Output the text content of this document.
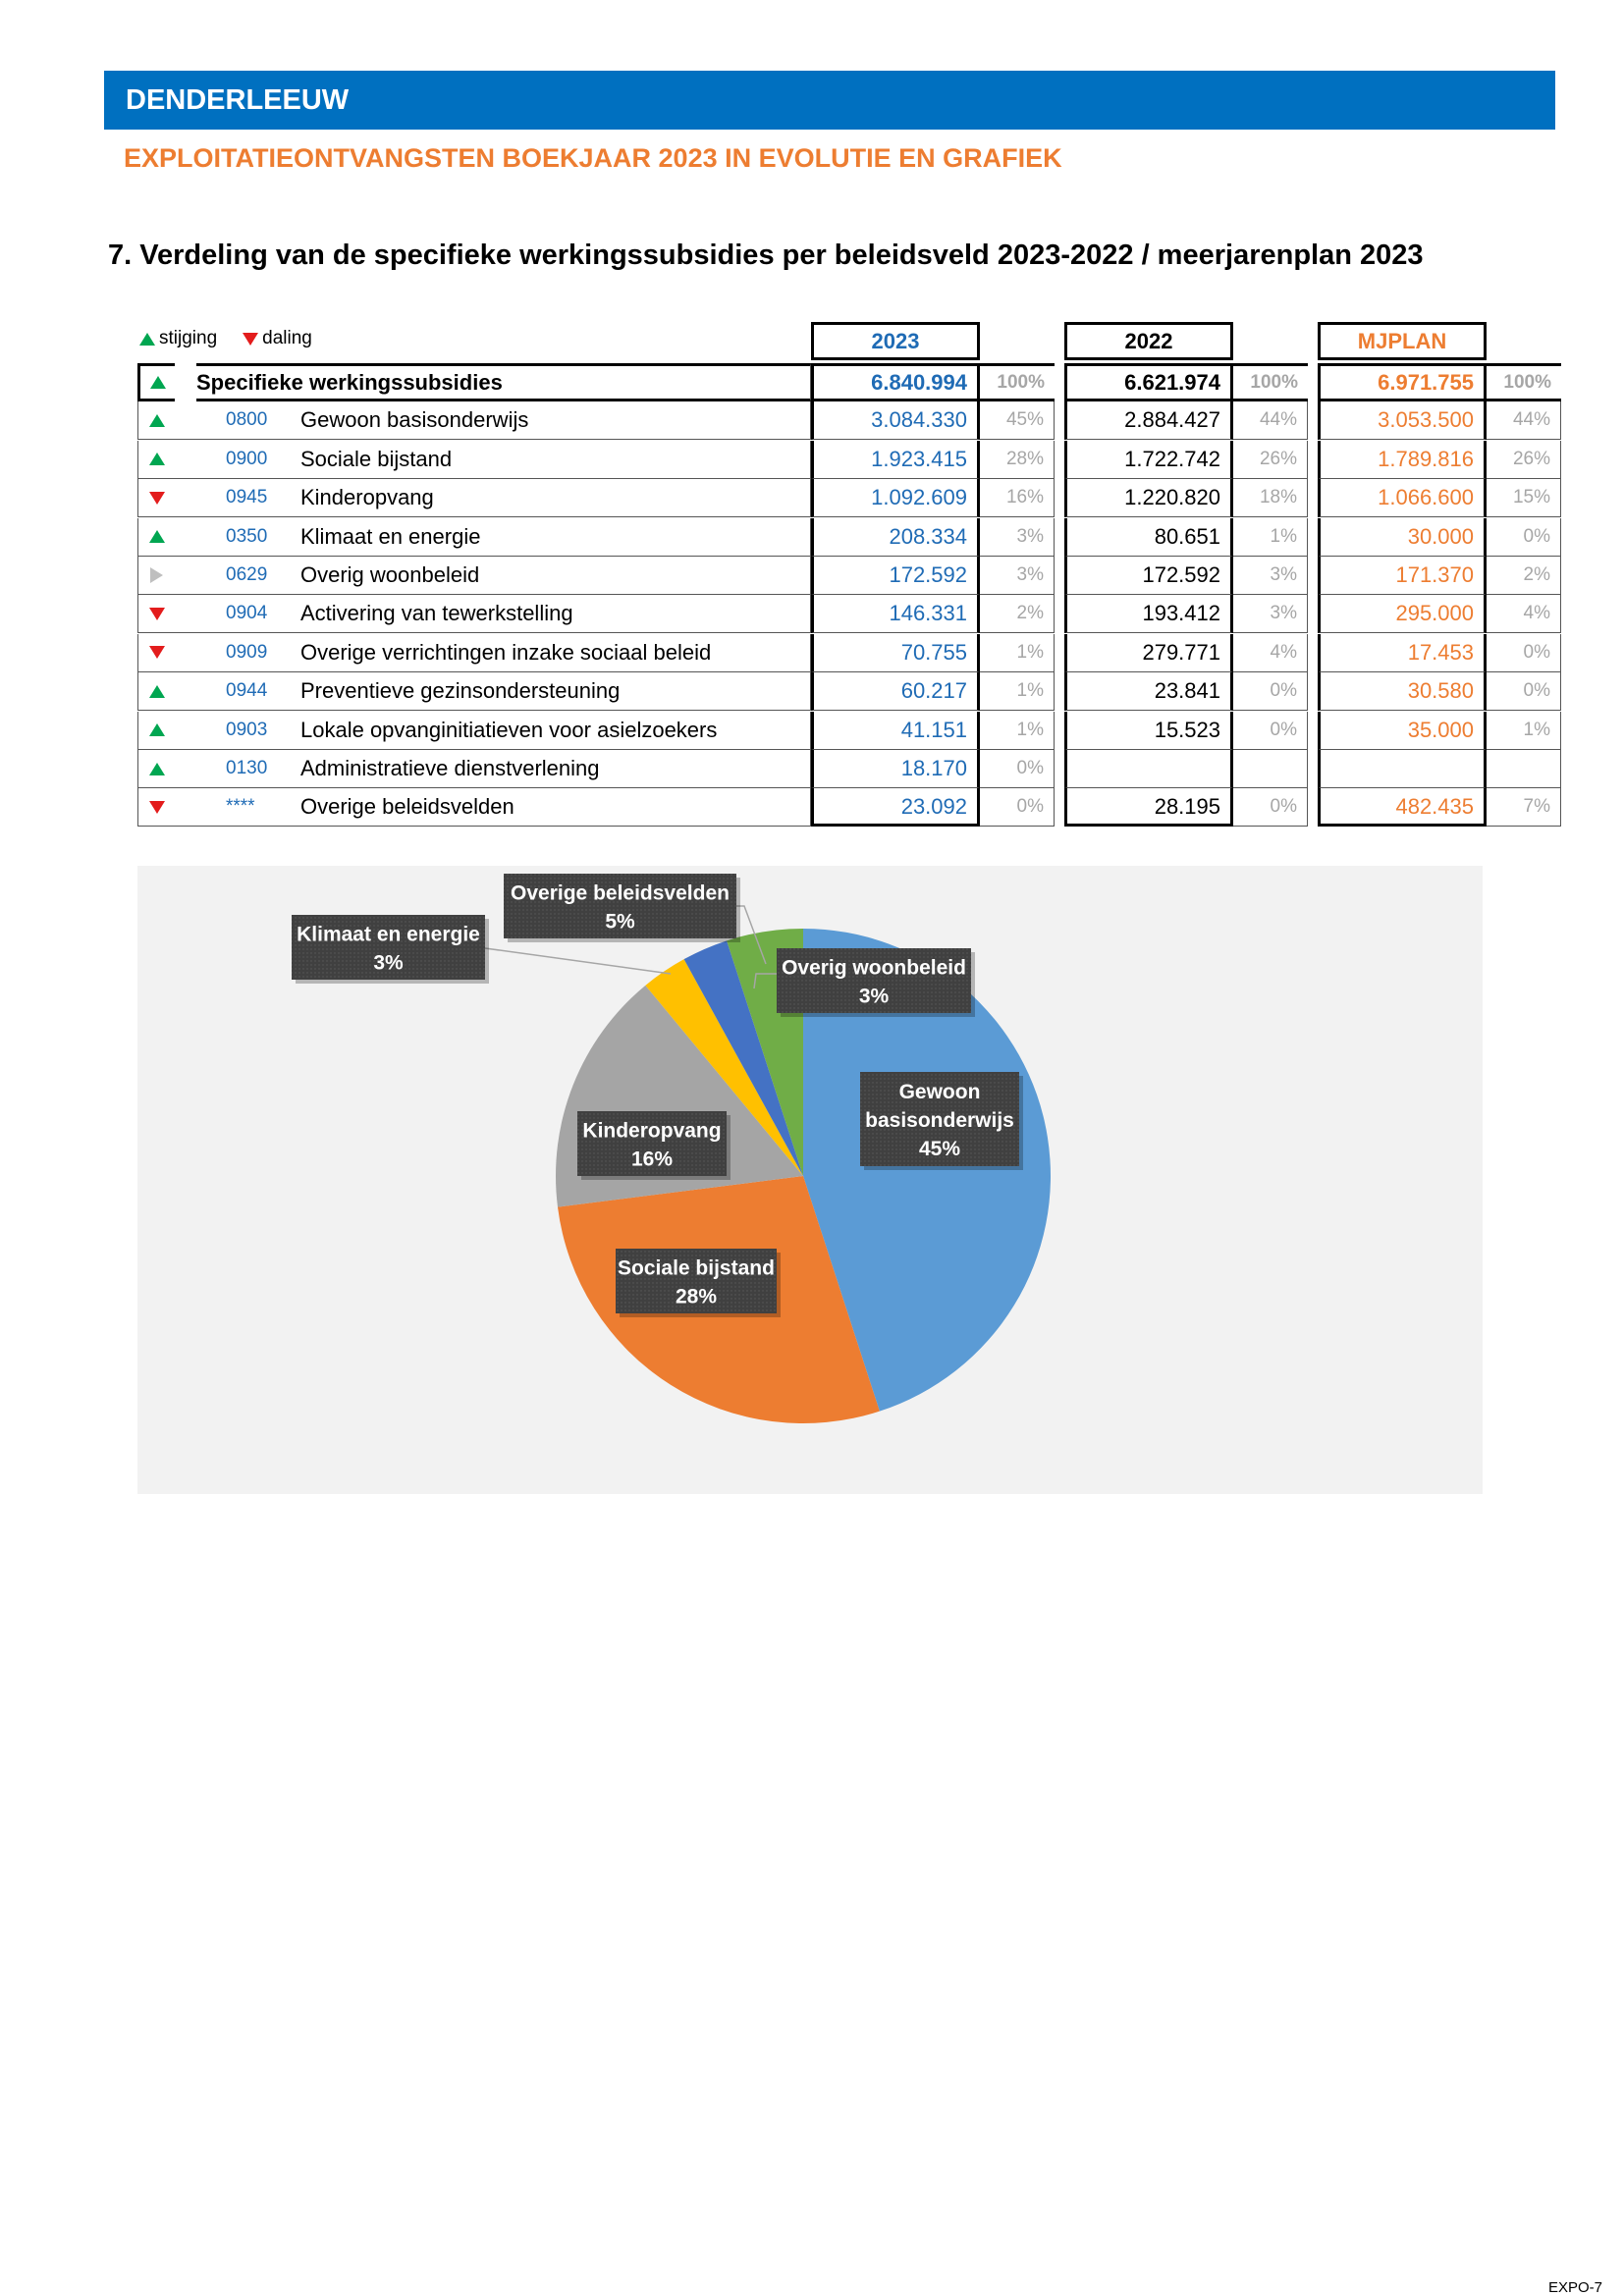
DENDERLEEUW
EXPLOITATIEONTVANGSTEN BOEKJAAR 2023 IN EVOLUTIE EN GRAFIEK
7. Verdeling van de specifieke werkingssubsidies per beleidsveld 2023-2022 / meerjarenplan 2023
stijging daling	2023	2022	MJPLAN
Specifieke werkingssubsidies	6.840.994	100%	6.621.974	100%	6.971.755	100%
0800	Gewoon basisonderwijs	3.084.330	45%	2.884.427	44%	3.053.500	44%
0900	Sociale bijstand	1.923.415	28%	1.722.742	26%	1.789.816	26%
0945	Kinderopvang	1.092.609	16%	1.220.820	18%	1.066.600	15%
0350	Klimaat en energie	208.334	3%	80.651	1%	30.000	0%
0629	Overig woonbeleid	172.592	3%	172.592	3%	171.370	2%
0904	Activering van tewerkstelling	146.331	2%	193.412	3%	295.000	4%
0909	Overige verrichtingen inzake sociaal beleid	70.755	1%	279.771	4%	17.453	0%
0944	Preventieve gezinsondersteuning	60.217	1%	23.841	0%	30.580	0%
0903	Lokale opvanginitiatieven voor asielzoekers	41.151	1%	15.523	0%	35.000	1%
0130	Administratieve dienstverlening	18.170	0%
****	Overige beleidsvelden	23.092	0%	28.195	0%	482.435	7%
Gewoon basisonderwijs
45%
Sociale bijstand
28%
Kinderopvang
16%
Klimaat en energie
3%	Overig woonbeleid
3%
Overige beleidsvelden
5%
EXPO-7
